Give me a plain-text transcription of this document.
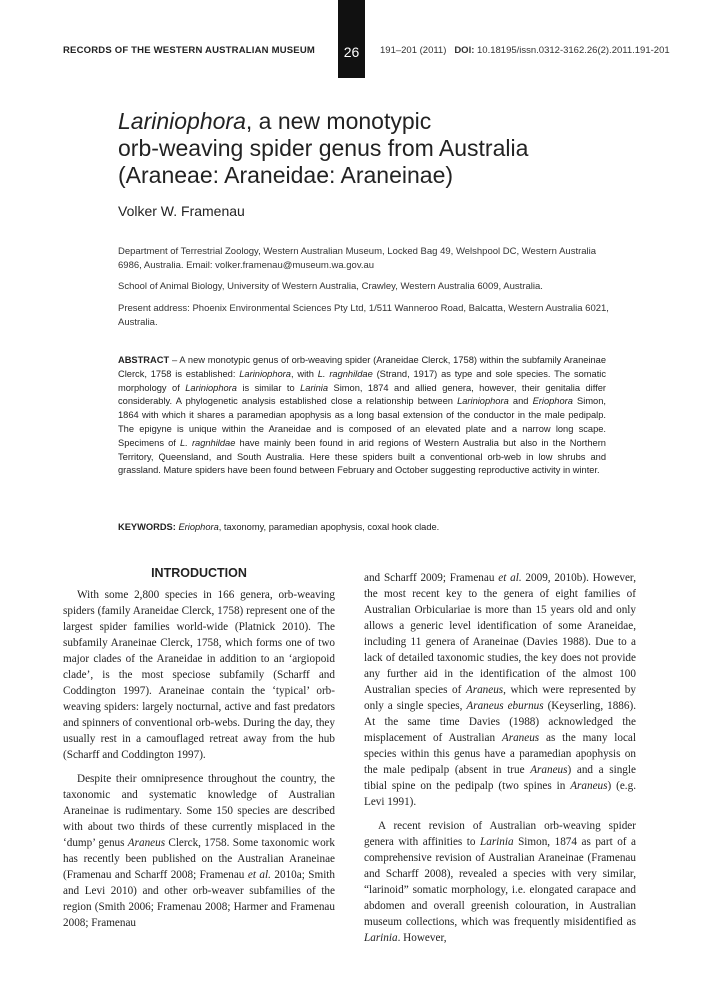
RECORDS OF THE WESTERN AUSTRALIAN MUSEUM	26	191–201 (2011) DOI: 10.18195/issn.0312-3162.26(2).2011.191-201
Lariniophora, a new monotypic
orb-weaving spider genus from Australia
(Araneae: Araneidae: Araneinae)
Volker W. Framenau
Department of Terrestrial Zoology, Western Australian Museum, Locked Bag 49, Welshpool DC, Western Australia 6986, Australia. Email: volker.framenau@museum.wa.gov.au
School of Animal Biology, University of Western Australia, Crawley, Western Australia 6009, Australia.
Present address: Phoenix Environmental Sciences Pty Ltd, 1/511 Wanneroo Road, Balcatta, Western Australia 6021, Australia.
ABSTRACT – A new monotypic genus of orb-weaving spider (Araneidae Clerck, 1758) within the subfamily Araneinae Clerck, 1758 is established: Lariniophora, with L. ragnhildae (Strand, 1917) as type and sole species. The somatic morphology of Lariniophora is similar to Larinia Simon, 1874 and allied genera, however, their genitalia differ considerably. A phylogenetic analysis established close a relationship between Lariniophora and Eriophora Simon, 1864 with which it shares a paramedian apophysis as a long basal extension of the conductor in the male pedipalp. The epigyne is unique within the Araneidae and is composed of an elevated plate and a narrow long scape. Specimens of L. ragnhildae have mainly been found in arid regions of Western Australia but also in the Northern Territory, Queensland, and South Australia. Here these spiders built a conventional orb-web in low shrubs and grassland. Mature spiders have been found between February and October suggesting reproductive activity in winter.
KEYWORDS: Eriophora, taxonomy, paramedian apophysis, coxal hook clade.
INTRODUCTION

With some 2,800 species in 166 genera, orb-weaving spiders (family Araneidae Clerck, 1758) represent one of the largest spider families world-wide (Platnick 2010). The subfamily Araneinae Clerck, 1758, which forms one of two major clades of the Araneidae in addition to an ‘argiopoid clade’, is the most speciose subfamily (Scharff and Coddington 1997). Araneinae contain the ‘typical’ orb-weaving spiders: largely nocturnal, active and fast predators and spinners of conventional orb-webs. During the day, they usually rest in a camouflaged retreat away from the hub (Scharff and Coddington 1997).

Despite their omnipresence throughout the country, the taxonomic and systematic knowledge of Australian Araneinae is rudimentary. Some 150 species are described with about two thirds of these currently misplaced in the ‘dump’ genus Araneus Clerck, 1758. Some taxonomic work has recently been published on the Australian Araneinae (Framenau and Scharff 2008; Framenau et al. 2010a; Smith and Levi 2010) and other orb-weaver subfamilies of the region (Smith 2006; Framenau 2008; Harmer and Framenau 2008; Framenau

and Scharff 2009; Framenau et al. 2009, 2010b). However, the most recent key to the genera of eight families of Australian Orbiculariae is more than 15 years old and only allows a generic level identification of some Araneidae, including 11 genera of Araneinae (Davies 1988). Due to a lack of detailed taxonomic studies, the key does not provide any further aid in the identification of the almost 100 Australian species of Araneus, which were represented by only a single species, Araneus eburnus (Keyserling, 1886). At the same time Davies (1988) acknowledged the misplacement of Australian Araneus as the many local species within this genus have a paramedian apophysis on the male pedipalp (absent in true Araneus) and a single tibial spine on the pedipalp (two spines in Araneus) (e.g. Levi 1991).

A recent revision of Australian orb-weaving spider genera with affinities to Larinia Simon, 1874 as part of a comprehensive revision of Australian Araneinae (Framenau and Scharff 2008), revealed a species with very similar, “larinoid” somatic morphology, i.e. elongated carapace and abdomen and overall greenish colouration, in Australian museum collections, which was frequently misidentified as Larinia. However,
